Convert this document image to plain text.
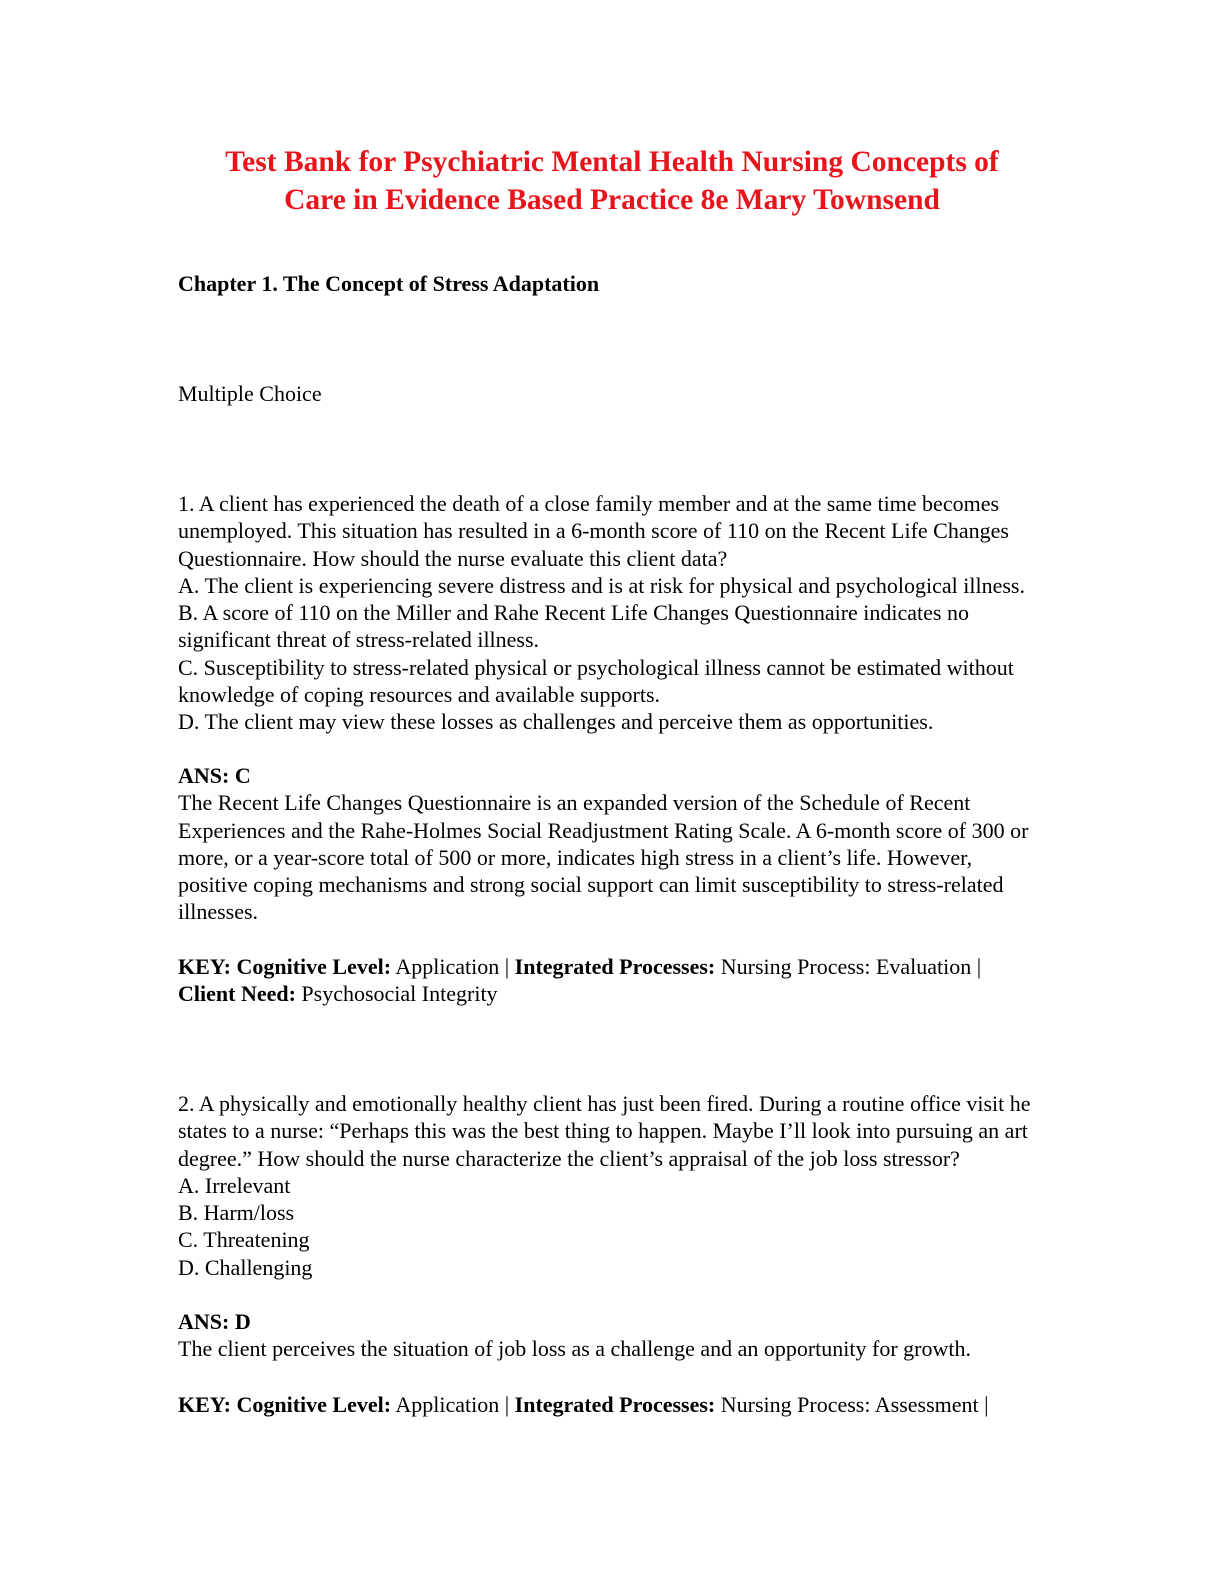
Test Bank for Psychiatric Mental Health Nursing Concepts of
Care in Evidence Based Practice 8e Mary Townsend
Chapter 1. The Concept of Stress Adaptation
Multiple Choice
1. A client has experienced the death of a close family member and at the same time becomes
unemployed. This situation has resulted in a 6-month score of 110 on the Recent Life Changes
Questionnaire. How should the nurse evaluate this client data?
A. The client is experiencing severe distress and is at risk for physical and psychological illness.
B. A score of 110 on the Miller and Rahe Recent Life Changes Questionnaire indicates no
significant threat of stress-related illness.
C. Susceptibility to stress-related physical or psychological illness cannot be estimated without
knowledge of coping resources and available supports.
D. The client may view these losses as challenges and perceive them as opportunities.
ANS: C
The Recent Life Changes Questionnaire is an expanded version of the Schedule of Recent
Experiences and the Rahe-Holmes Social Readjustment Rating Scale. A 6-month score of 300 or
more, or a year-score total of 500 or more, indicates high stress in a client’s life. However,
positive coping mechanisms and strong social support can limit susceptibility to stress-related
illnesses.
KEY: Cognitive Level: Application | Integrated Processes: Nursing Process: Evaluation |
Client Need: Psychosocial Integrity
2. A physically and emotionally healthy client has just been fired. During a routine office visit he
states to a nurse: “Perhaps this was the best thing to happen. Maybe I’ll look into pursuing an art
degree.” How should the nurse characterize the client’s appraisal of the job loss stressor?
A. Irrelevant
B. Harm/loss
C. Threatening
D. Challenging
ANS: D
The client perceives the situation of job loss as a challenge and an opportunity for growth.
KEY: Cognitive Level: Application | Integrated Processes: Nursing Process: Assessment |
